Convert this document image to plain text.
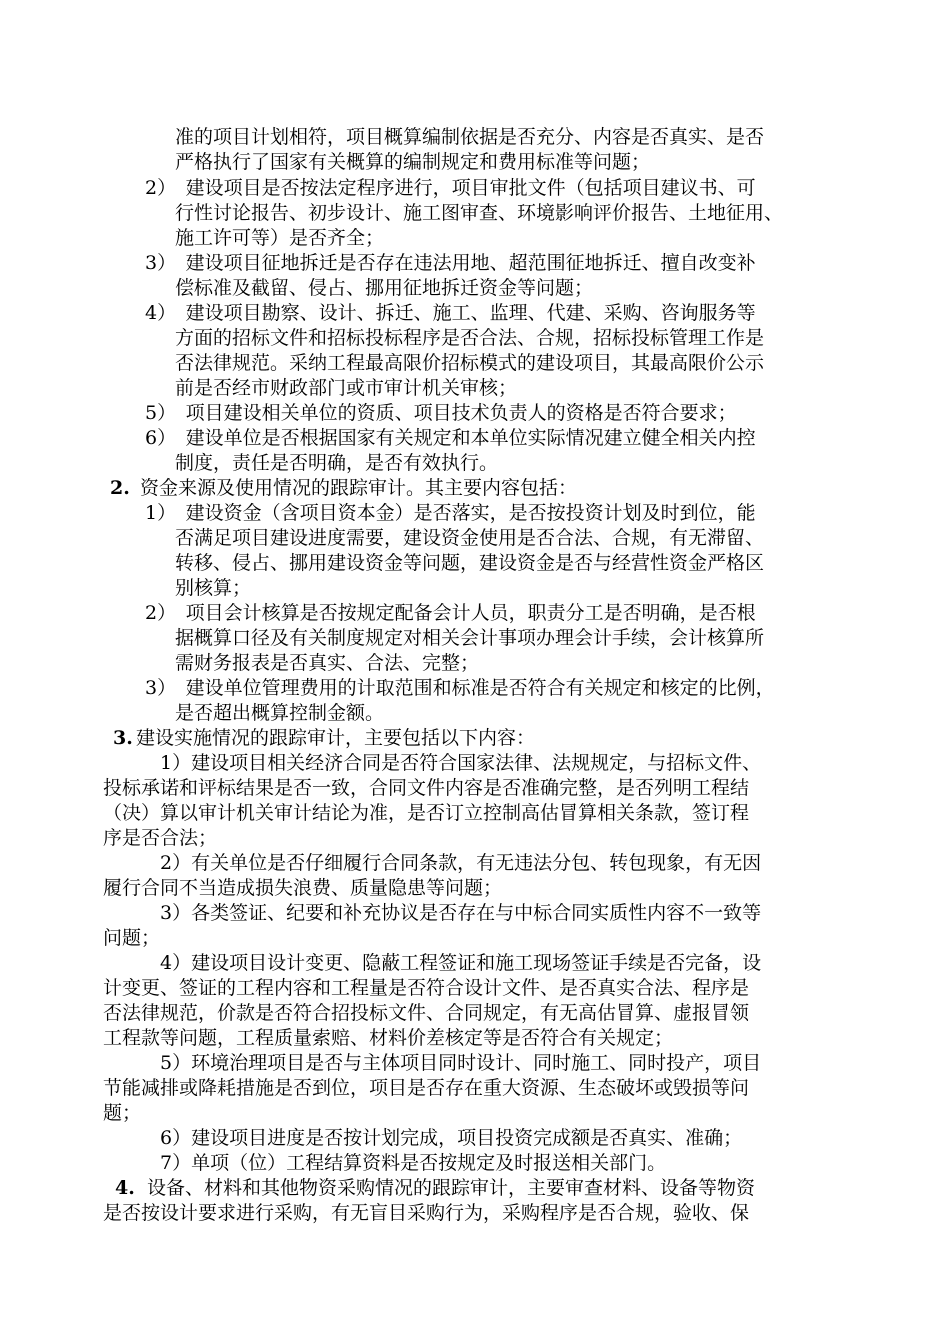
准的项目计划相符，项目概算编制依据是否充分、内容是否真实、是否
严格执行了国家有关概算的编制规定和费用标准等问题；
2）　建设项目是否按法定程序进行，项目审批文件（包括项目建议书、可
行性讨论报告、初步设计、施工图审查、环境影响评价报告、土地征用、
施工许可等）是否齐全；
3）　建设项目征地拆迁是否存在违法用地、超范围征地拆迁、擅自改变补
偿标准及截留、侵占、挪用征地拆迁资金等问题；
4）　建设项目勘察、设计、拆迁、施工、监理、代建、采购、咨询服务等
方面的招标文件和招标投标程序是否合法、合规，招标投标管理工作是
否法律规范。采纳工程最高限价招标模式的建设项目，其最高限价公示
前是否经市财政部门或市审计机关审核；
5）　项目建设相关单位的资质、项目技术负责人的资格是否符合要求；
6）　建设单位是否根据国家有关规定和本单位实际情况建立健全相关内控
制度，责任是否明确，是否有效执行。
2. 资金来源及使用情况的跟踪审计。其主要内容包括：
1）　建设资金（含项目资本金）是否落实，是否按投资计划及时到位，能
否满足项目建设进度需要，建设资金使用是否合法、合规，有无滞留、
转移、侵占、挪用建设资金等问题，建设资金是否与经营性资金严格区
别核算；
2）　项目会计核算是否按规定配备会计人员，职责分工是否明确，是否根
据概算口径及有关制度规定对相关会计事项办理会计手续，会计核算所
需财务报表是否真实、合法、完整；
3）　建设单位管理费用的计取范围和标准是否符合有关规定和核定的比例，
是否超出概算控制金额。
3. 建设实施情况的跟踪审计，主要包括以下内容：
1）建设项目相关经济合同是否符合国家法律、法规规定，与招标文件、
投标承诺和评标结果是否一致，合同文件内容是否准确完整，是否列明工程结
（决）算以审计机关审计结论为准，是否订立控制高估冒算相关条款，签订程
序是否合法；
2）有关单位是否仔细履行合同条款，有无违法分包、转包现象，有无因
履行合同不当造成损失浪费、质量隐患等问题；
3）各类签证、纪要和补充协议是否存在与中标合同实质性内容不一致等
问题；
4）建设项目设计变更、隐蔽工程签证和施工现场签证手续是否完备，设
计变更、签证的工程内容和工程量是否符合设计文件、是否真实合法、程序是
否法律规范，价款是否符合招投标文件、合同规定，有无高估冒算、虚报冒领
工程款等问题，工程质量索赔、材料价差核定等是否符合有关规定；
5）环境治理项目是否与主体项目同时设计、同时施工、同时投产，项目
节能减排或降耗措施是否到位，项目是否存在重大资源、生态破坏或毁损等问
题；
6）建设项目进度是否按计划完成，项目投资完成额是否真实、准确；
7）单项（位）工程结算资料是否按规定及时报送相关部门。
4. 设备、材料和其他物资采购情况的跟踪审计，主要审查材料、设备等物资
是否按设计要求进行采购，有无盲目采购行为，采购程序是否合规，验收、保
